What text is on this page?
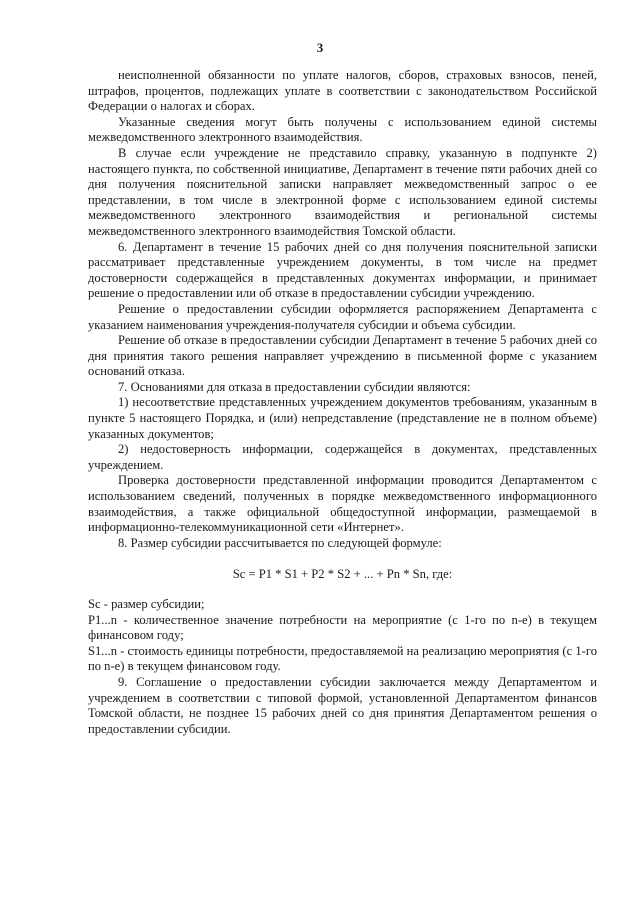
3

неисполненной обязанности по уплате налогов, сборов, страховых взносов, пеней, штрафов, процентов, подлежащих уплате в соответствии с законодательством Российской Федерации о налогах и сборах.

Указанные сведения могут быть получены с использованием единой системы межведомственного электронного взаимодействия.

В случае если учреждение не представило справку, указанную в подпункте 2) настоящего пункта, по собственной инициативе, Департамент в течение пяти рабочих дней со дня получения пояснительной записки направляет межведомственный запрос о ее представлении, в том числе в электронной форме с использованием единой системы межведомственного электронного взаимодействия и региональной системы межведомственного электронного взаимодействия Томской области.

6. Департамент в течение 15 рабочих дней со дня получения пояснительной записки рассматривает представленные учреждением документы, в том числе на предмет достоверности содержащейся в представленных документах информации, и принимает решение о предоставлении или об отказе в предоставлении субсидии учреждению.

Решение о предоставлении субсидии оформляется распоряжением Департамента с указанием наименования учреждения-получателя субсидии и объема субсидии.

Решение об отказе в предоставлении субсидии Департамент в течение 5 рабочих дней со дня принятия такого решения направляет учреждению в письменной форме с указанием оснований отказа.

7. Основаниями для отказа в предоставлении субсидии являются:

1) несоответствие представленных учреждением документов требованиям, указанным в пункте 5 настоящего Порядка, и (или) непредставление (представление не в полном объеме) указанных документов;

2) недостоверность информации, содержащейся в документах, представленных учреждением.

Проверка достоверности представленной информации проводится Департаментом с использованием сведений, полученных в порядке межведомственного информационного взаимодействия, а также официальной общедоступной информации, размещаемой в информационно-телекоммуникационной сети «Интернет».

8. Размер субсидии рассчитывается по следующей формуле:

Sc = P1 * S1 + P2 * S2 + ... + Pn * Sn, где:

Sc - размер субсидии;

P1...n - количественное значение потребности на мероприятие (с 1-го по n-е) в текущем финансовом году;

S1...n - стоимость единицы потребности, предоставляемой на реализацию мероприятия (с 1-го по n-е) в текущем финансовом году.

9. Соглашение о предоставлении субсидии заключается между Департаментом и учреждением в соответствии с типовой формой, установленной Департаментом финансов Томской области, не позднее 15 рабочих дней со дня принятия Департаментом решения о предоставлении субсидии.
